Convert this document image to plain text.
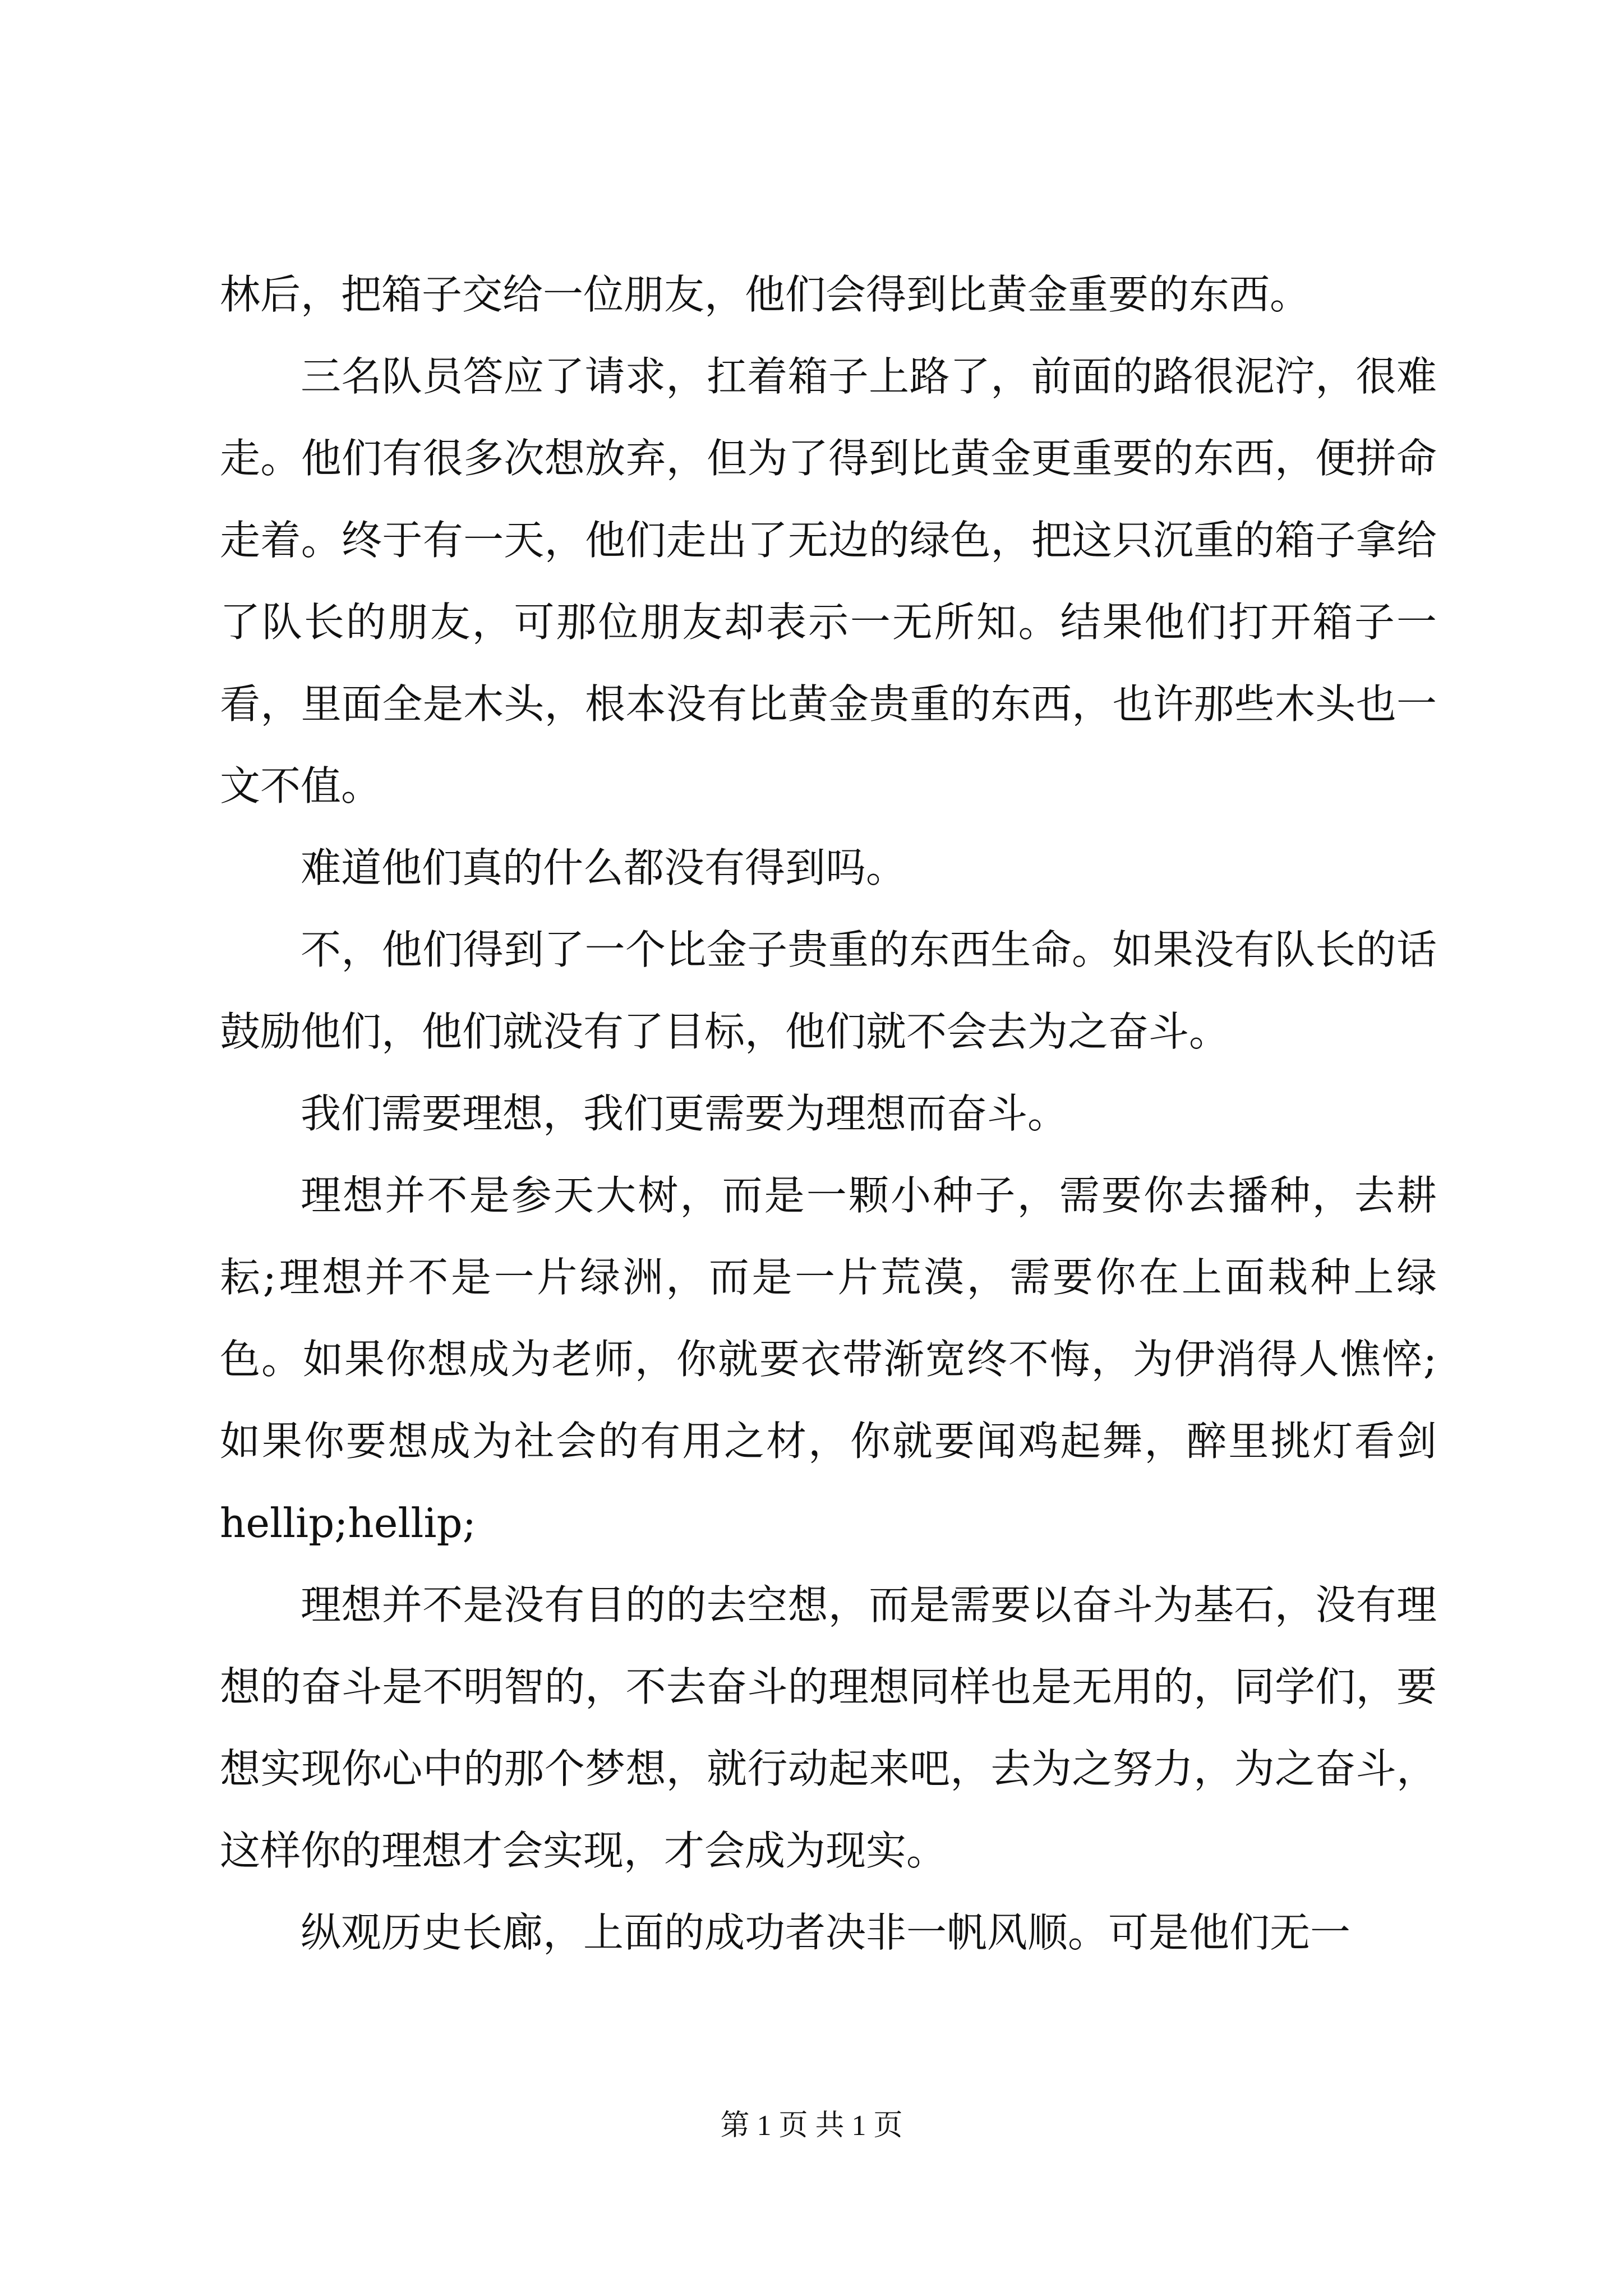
林后，把箱子交给一位朋友，他们会得到比黄金重要的东西。

三名队员答应了请求，扛着箱子上路了，前面的路很泥泞，很难走。他们有很多次想放弃，但为了得到比黄金更重要的东西，便拼命走着。终于有一天，他们走出了无边的绿色，把这只沉重的箱子拿给了队长的朋友，可那位朋友却表示一无所知。结果他们打开箱子一看，里面全是木头，根本没有比黄金贵重的东西，也许那些木头也一文不值。

难道他们真的什么都没有得到吗。

不，他们得到了一个比金子贵重的东西生命。如果没有队长的话鼓励他们，他们就没有了目标，他们就不会去为之奋斗。

我们需要理想，我们更需要为理想而奋斗。

理想并不是参天大树，而是一颗小种子，需要你去播种，去耕耘;理想并不是一片绿洲，而是一片荒漠，需要你在上面栽种上绿色。如果你想成为老师，你就要衣带渐宽终不悔，为伊消得人憔悴;如果你要想成为社会的有用之材，你就要闻鸡起舞，醉里挑灯看剑hellip;hellip;

理想并不是没有目的的去空想，而是需要以奋斗为基石，没有理想的奋斗是不明智的，不去奋斗的理想同样也是无用的，同学们，要想实现你心中的那个梦想，就行动起来吧，去为之努力，为之奋斗，这样你的理想才会实现，才会成为现实。

纵观历史长廊，上面的成功者决非一帆风顺。可是他们无一

第 1 页 共 1 页
